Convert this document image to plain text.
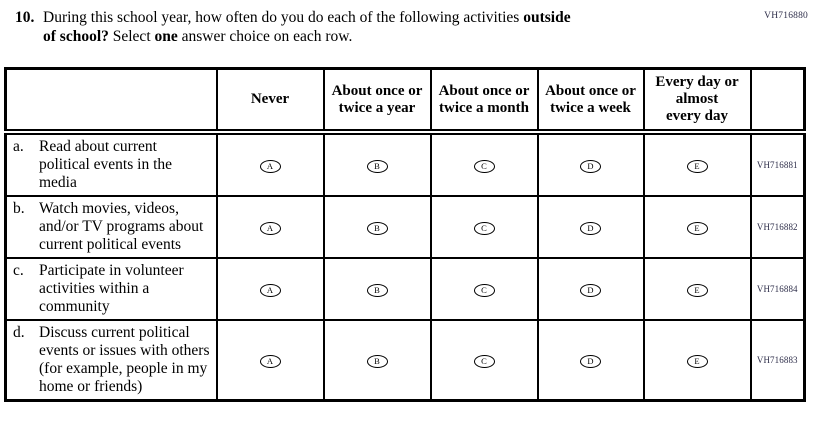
VH716880
10. During this school year, how often do you do each of the following activities outside
of school? Select one answer choice on each row.
	Never	About once or twice a year	About once or twice a month	About once or twice a week	Every day or almost every day	

a. Read about current political events in the media	A	B	C	D	E	VH716881

b. Watch movies, videos, and/or TV programs about current political events	A	B	C	D	E	VH716882

c. Participate in volunteer activities within a community	A	B	C	D	E	VH716884

d. Discuss current political events or issues with others (for example, people in my home or friends)	A	B	C	D	E	VH716883
